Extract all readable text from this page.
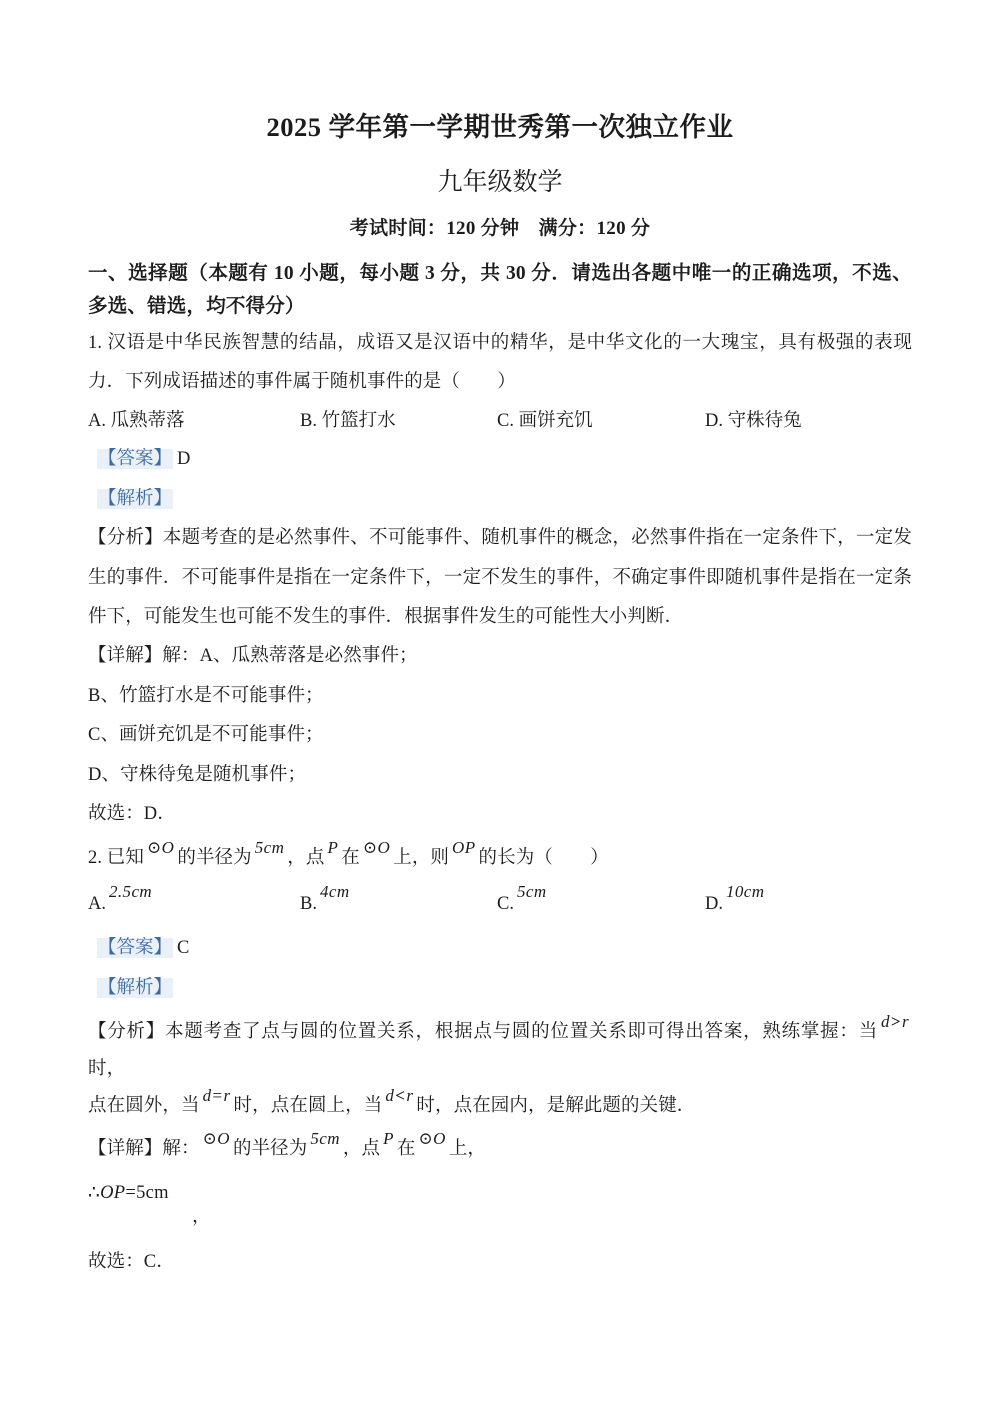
2025 学年第一学期世秀第一次独立作业
九年级数学
考试时间：120 分钟　满分：120 分
一、选择题（本题有 10 小题，每小题 3 分，共 30 分．请选出各题中唯一的正确选项，不选、多选、错选，均不得分）
1. 汉语是中华民族智慧的结晶，成语又是汉语中的精华，是中华文化的一大瑰宝，具有极强的表现力．下列成语描述的事件属于随机事件的是（　　）
A. 瓜熟蒂落	B. 竹篮打水	C. 画饼充饥	D. 守株待兔
【答案】 D
【解析】
【分析】本题考查的是必然事件、不可能事件、随机事件的概念，必然事件指在一定条件下，一定发生的事件．不可能事件是指在一定条件下，一定不发生的事件，不确定事件即随机事件是指在一定条件下，可能发生也可能不发生的事件．根据事件发生的可能性大小判断．
【详解】解：A、瓜熟蒂落是必然事件；
B、竹篮打水是不可能事件；
C、画饼充饥是不可能事件；
D、守株待兔是随机事件；
故选：D．
2. 已知⊙O的半径为5cm，点P在⊙O上，则OP的长为（　　）
A.2.5cm
B.4cm
C.5cm
D.10cm
【答案】 C
【解析】
【分析】本题考查了点与圆的位置关系，根据点与圆的位置关系即可得出答案，熟练掌握：当d>r时，
点在圆外，当d=r时，点在圆上，当d<r时，点在园内，是解此题的关键．
【详解】解：⊙O的半径为5cm，点P在⊙O上，
∴OP=5cm
，
故选：C．
